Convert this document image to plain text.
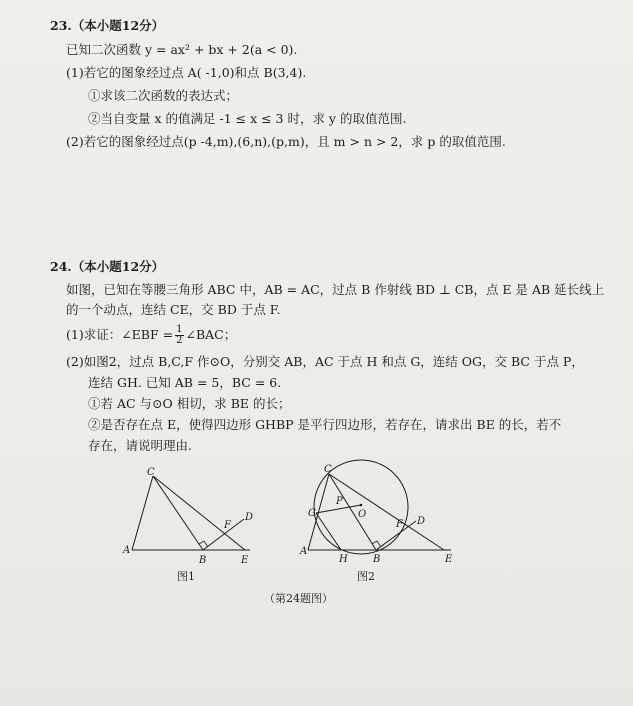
23.（本小题12分）
已知二次函数 y = ax² + bx + 2(a < 0).
(1)若它的图象经过点 A( -1,0)和点 B(3,4).
①求该二次函数的表达式；
②当自变量 x 的值满足 -1 ≤ x ≤ 3 时，求 y 的取值范围.
(2)若它的图象经过点(p -4,m),(6,n),(p,m)，且 m > n > 2，求 p 的取值范围.
24.（本小题12分）
如图，已知在等腰三角形 ABC 中，AB = AC，过点 B 作射线 BD ⊥ CB，点 E 是 AB 延长线上
的一个动点，连结 CE，交 BD 于点 F.
(1)求证：∠EBF = $\frac{1}{2}$ ∠BAC；
(2)如图2，过点 B,C,F 作⊙O，分别交 AB，AC 于点 H 和点 G，连结 OG，交 BC 于点 P，
连结 GH. 已知 AB = 5，BC = 6.
①若 AC 与⊙O 相切，求 BE 的长；
②是否存在点 E，使得四边形 GHBP 是平行四边形，若存在，请求出 BE 的长，若不
存在，请说明理由.
C
A
B	E
D
F
图1
C
A
H	B	E
G
P
O
F D
图2
（第24题图）
